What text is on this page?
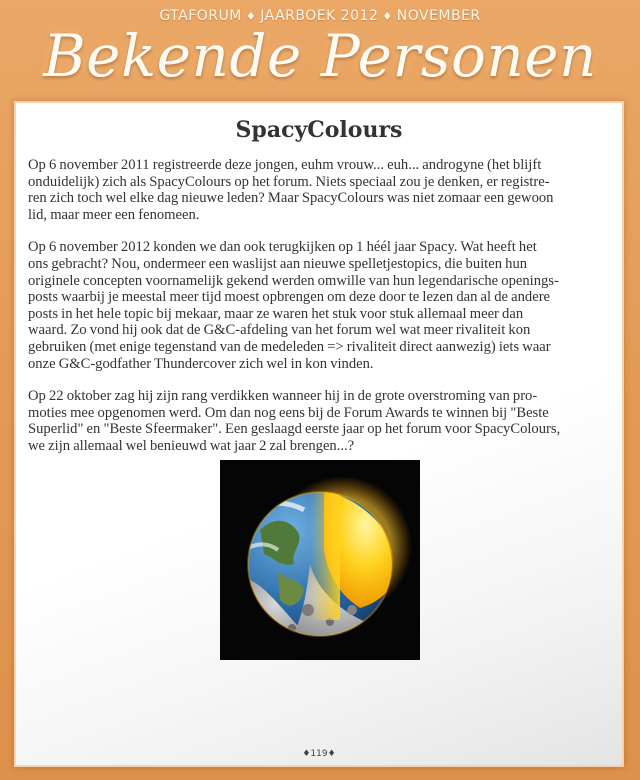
GTAFORUM ♦ JAARBOEK 2012 ♦ NOVEMBER
Bekende Personen
SpacyColours

Op 6 november 2011 registreerde deze jongen, euhm vrouw... euh... androgyne (het blijft
onduidelijk) zich als SpacyColours op het forum. Niets speciaal zou je denken, er registre-
ren zich toch wel elke dag nieuwe leden? Maar SpacyColours was niet zomaar een gewoon
lid, maar meer een fenomeen.

Op 6 november 2012 konden we dan ook terugkijken op 1 héél jaar Spacy. Wat heeft het
ons gebracht? Nou, ondermeer een waslijst aan nieuwe spelletjestopics, die buiten hun
originele concepten voornamelijk gekend werden omwille van hun legendarische openings-
posts waarbij je meestal meer tijd moest opbrengen om deze door te lezen dan al de andere
posts in het hele topic bij mekaar, maar ze waren het stuk voor stuk allemaal meer dan
waard. Zo vond hij ook dat de G&C-afdeling van het forum wel wat meer rivaliteit kon
gebruiken (met enige tegenstand van de medeleden => rivaliteit direct aanwezig) iets waar
onze G&C-godfather Thundercover zich wel in kon vinden.

Op 22 oktober zag hij zijn rang verdikken wanneer hij in de grote overstroming van pro-
moties mee opgenomen werd. Om dan nog eens bij de Forum Awards te winnen bij "Beste
Superlid" en "Beste Sfeermaker". Een geslaagd eerste jaar op het forum voor SpacyColours,
we zijn allemaal wel benieuwd wat jaar 2 zal brengen...?

♦119♦
